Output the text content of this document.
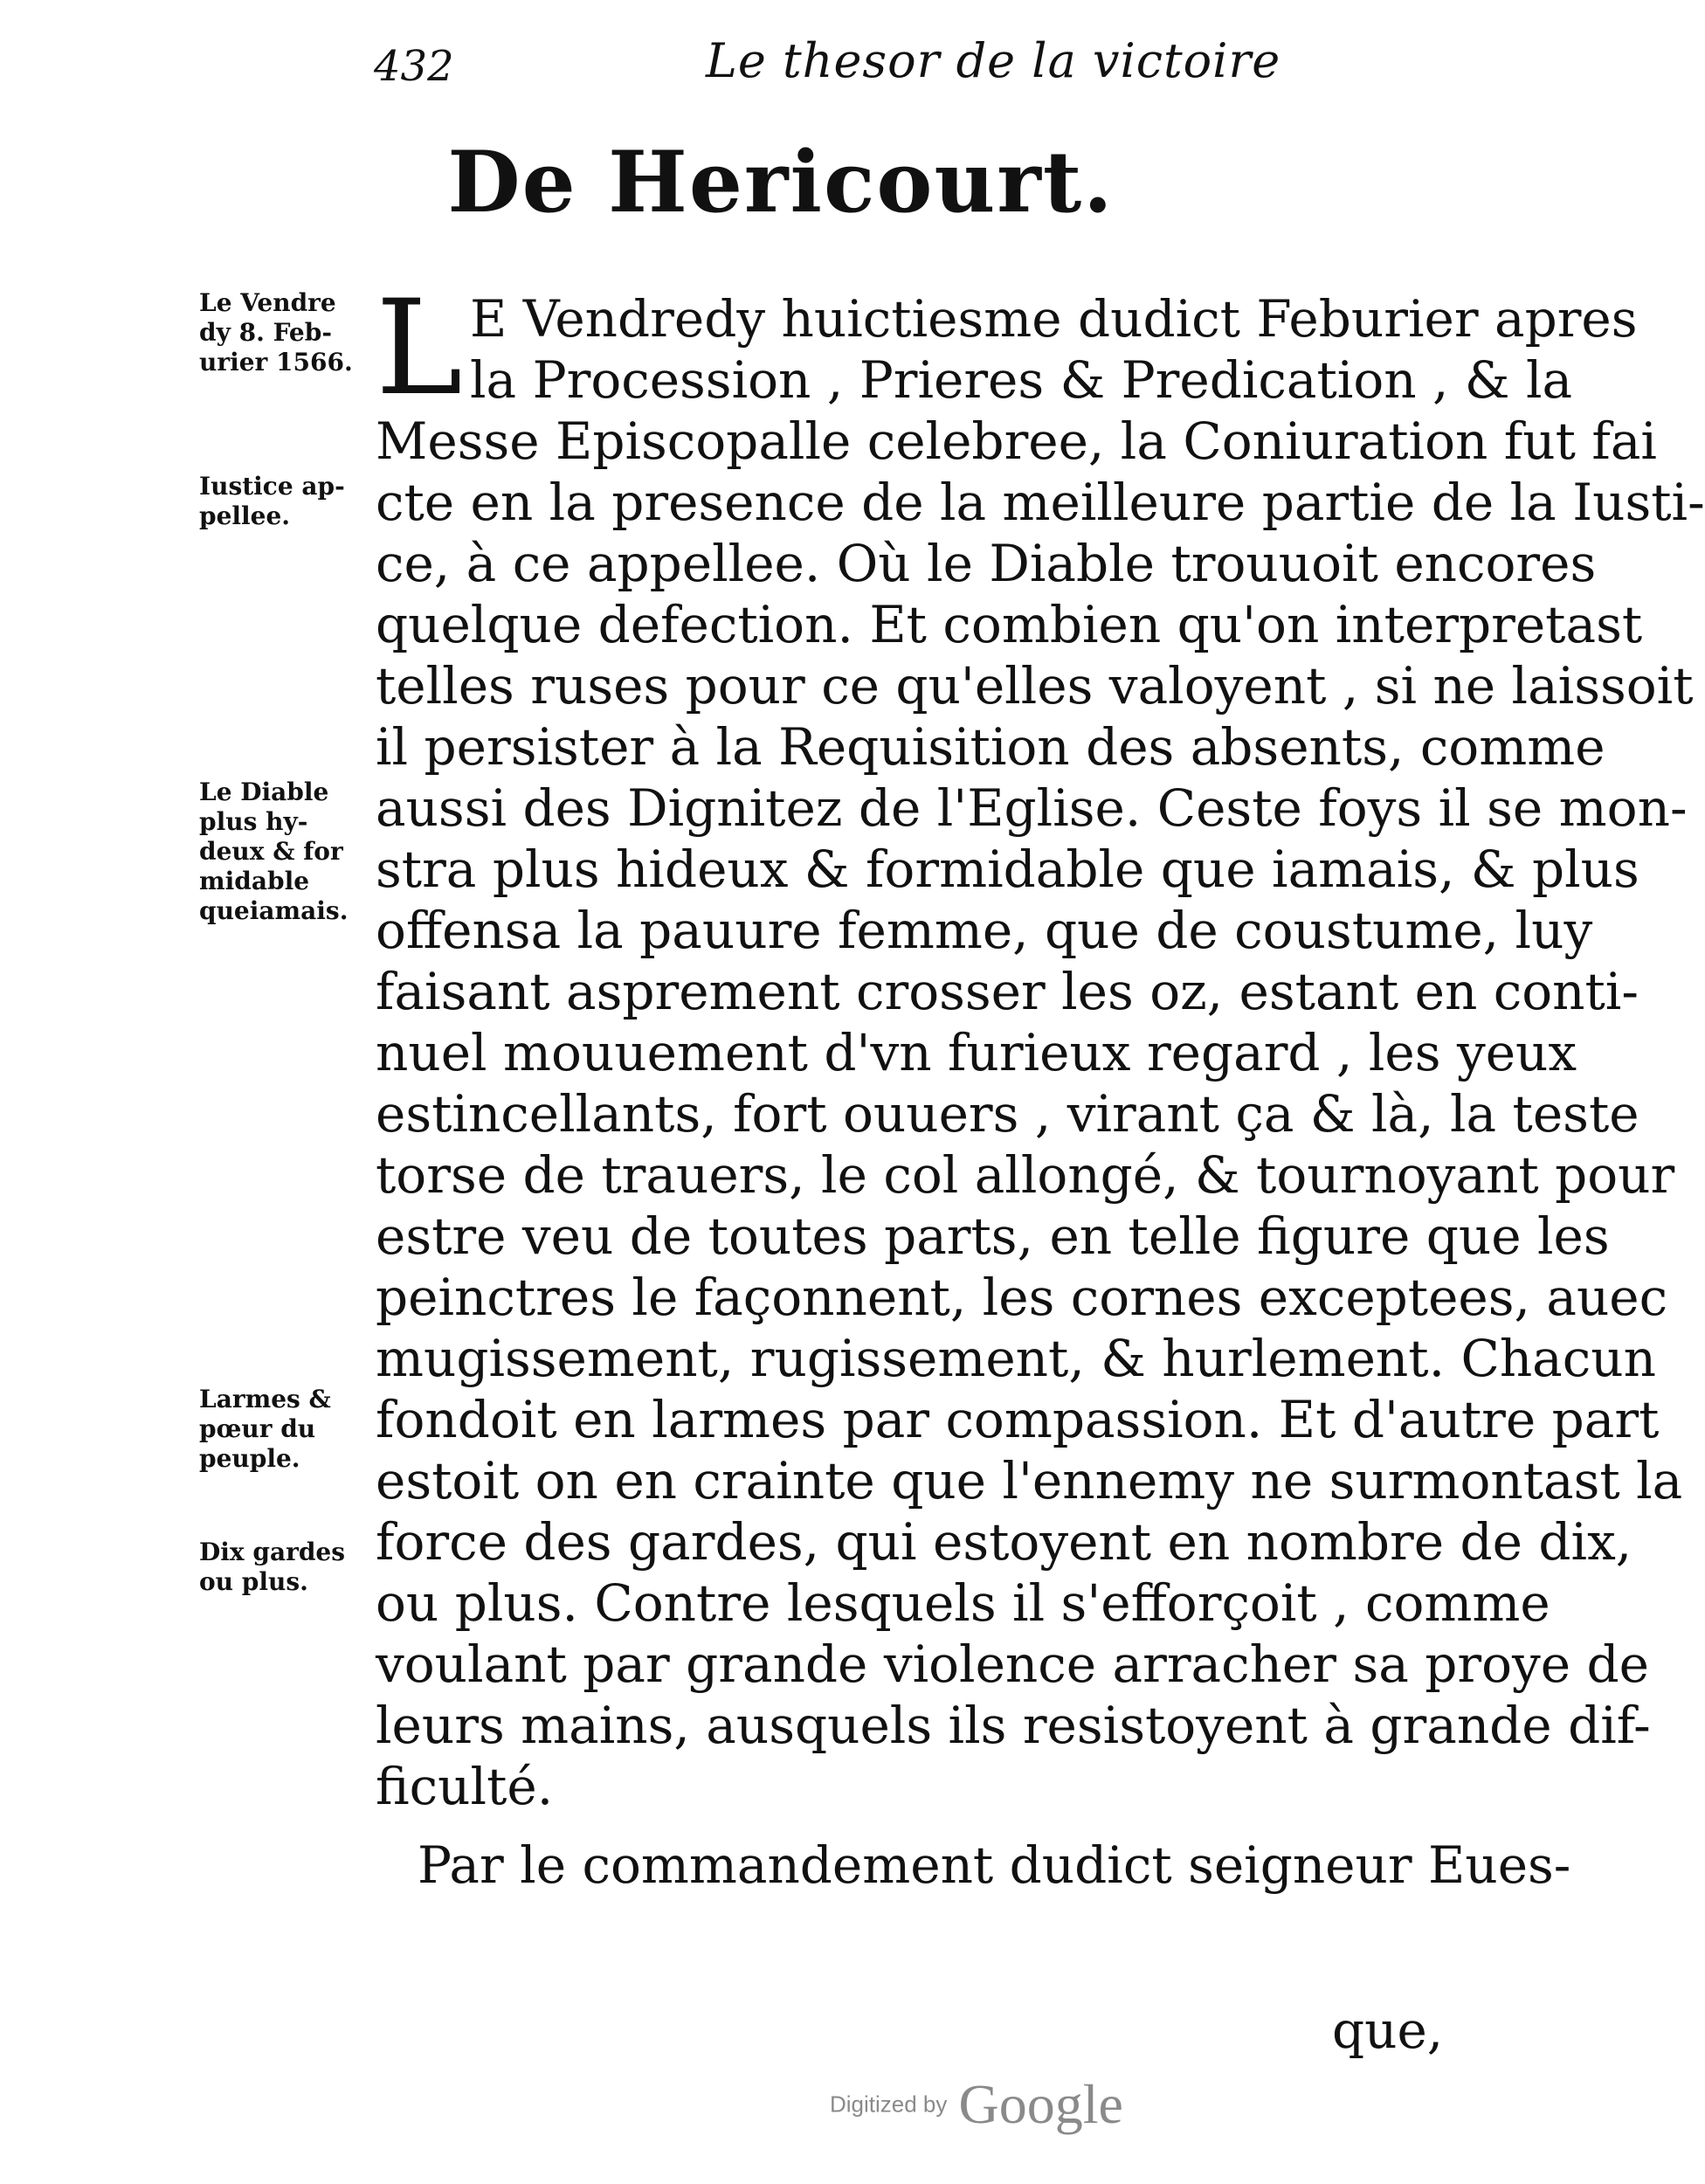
432	Le thesor de la victoire
De Hericourt.
Le Vendre
dy 8. Feb-
urier 1566.
Iustice ap-
pellee.
Le Diable
plus hy-
deux & for
midable
queiamais.
Larmes &
pœur du
peuple.
Dix gardes
ou plus.
L E Vendredy huictiesme dudict Feburier apres
la Procession , Prieres & Predication , & la
Messe Episcopalle celebree, la Coniuration fut fai
cte en la presence de la meilleure partie de la Iusti-
ce, à ce appellee. Où le Diable trouuoit encores
quelque defection. Et combien qu'on interpretast
telles ruses pour ce qu'elles valoyent , si ne laissoit
il persister à la Requisition des absents, comme
aussi des Dignitez de l'Eglise. Ceste foys il se mon-
stra plus hideux & formidable que iamais, & plus
offensa la pauure femme, que de coustume, luy
faisant asprement crosser les oz, estant en conti-
nuel mouuement d'vn furieux regard , les yeux
estincellants, fort ouuers , virant ça & là, la teste
torse de trauers, le col allongé, & tournoyant pour
estre veu de toutes parts, en telle figure que les
peinctres le façonnent, les cornes exceptees, auec
mugissement, rugissement, & hurlement. Chacun
fondoit en larmes par compassion. Et d'autre part
estoit on en crainte que l'ennemy ne surmontast la
force des gardes, qui estoyent en nombre de dix,
ou plus. Contre lesquels il s'efforçoit , comme
voulant par grande violence arracher sa proye de
leurs mains, ausquels ils resistoyent à grande dif-
ficulté.
Par le commandement dudict seigneur Eues-
que,
Digitized by Google
